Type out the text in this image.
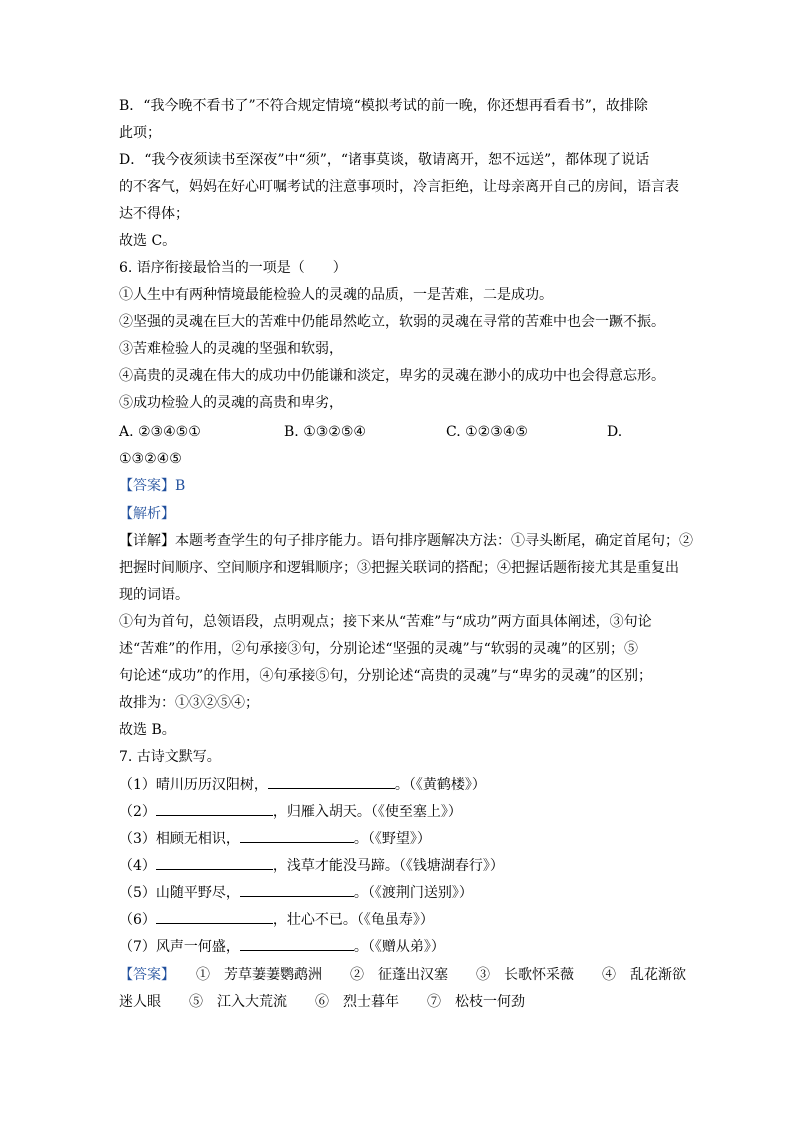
B．“我今晚不看书了”不符合规定情境“模拟考试的前一晚，你还想再看看书”，故排除
此项；
D．“我今夜须读书至深夜”中“须”，“诸事莫谈，敬请离开，恕不远送”，都体现了说话
的不客气，妈妈在好心叮嘱考试的注意事项时，冷言拒绝，让母亲离开自己的房间，语言表
达不得体；
故选 C。
6. 语序衔接最恰当的一项是（　　）
①人生中有两种情境最能检验人的灵魂的品质，一是苦难，二是成功。
②坚强的灵魂在巨大的苦难中仍能昂然屹立，软弱的灵魂在寻常的苦难中也会一蹶不振。
③苦难检验人的灵魂的坚强和软弱，
④高贵的灵魂在伟大的成功中仍能谦和淡定，卑劣的灵魂在渺小的成功中也会得意忘形。
⑤成功检验人的灵魂的高贵和卑劣，
A. ②③④⑤①	B. ①③②⑤④	C. ①②③④⑤	D.
①③②④⑤
【答案】B
【解析】
【详解】本题考查学生的句子排序能力。语句排序题解决方法：①寻头断尾，确定首尾句；②
把握时间顺序、空间顺序和逻辑顺序；③把握关联词的搭配；④把握话题衔接尤其是重复出
现的词语。
①句为首句，总领语段，点明观点；接下来从“苦难”与“成功”两方面具体阐述，③句论
述“苦难”的作用，②句承接③句，分别论述“坚强的灵魂”与“软弱的灵魂”的区别；⑤
句论述“成功”的作用，④句承接⑤句，分别论述“高贵的灵魂”与“卑劣的灵魂”的区别；
故排为：①③②⑤④；
故选 B。
7. 古诗文默写。
（1）晴川历历汉阳树，	。（《黄鹤楼》）
（2）	，归雁入胡天。（《使至塞上》）
（3）相顾无相识，	。（《野望》）
（4）	，浅草才能没马蹄。（《钱塘湖春行》）
（5）山随平野尽，	。（《渡荆门送别》）
（6）	，壮心不已。（《龟虽寿》）
（7）风声一何盛，	。（《赠从弟》）
【答案】　　①　芳草萋萋鹦鹉洲　　②　征蓬出汉塞　　③　长歌怀采薇　　④　乱花渐欲
迷人眼　　⑤　江入大荒流　　⑥　烈士暮年　　⑦　松枝一何劲
